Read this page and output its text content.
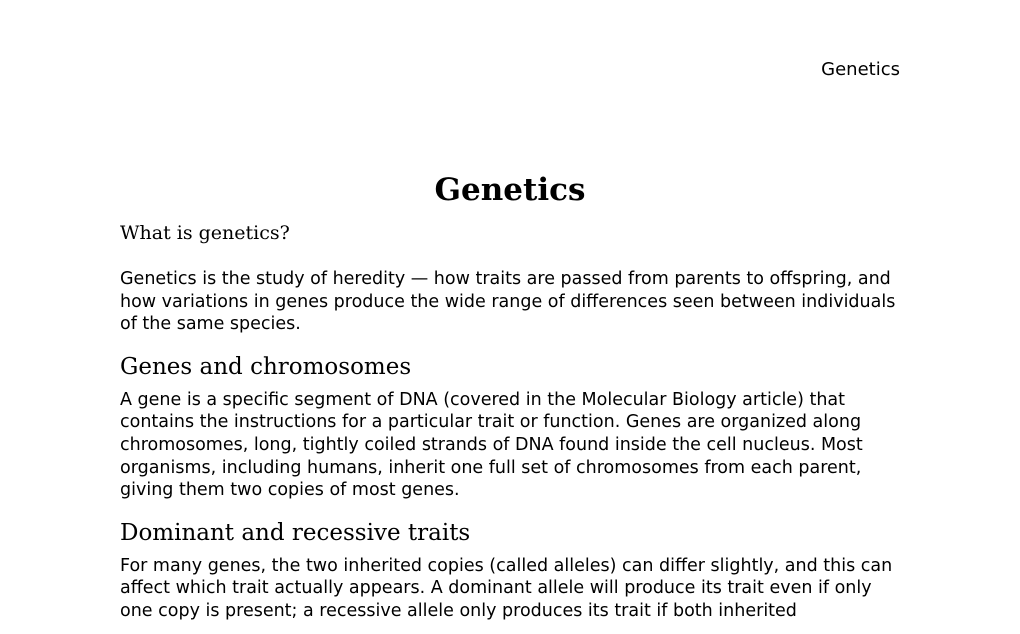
Genetics

Genetics
What is genetics?

Genetics is the study of heredity — how traits are passed from parents to offspring, and how variations in genes produce the wide range of differences seen between individuals of the same species.

Genes and chromosomes

A gene is a specific segment of DNA (covered in the Molecular Biology article) that contains the instructions for a particular trait or function. Genes are organized along chromosomes, long, tightly coiled strands of DNA found inside the cell nucleus. Most organisms, including humans, inherit one full set of chromosomes from each parent, giving them two copies of most genes.

Dominant and recessive traits

For many genes, the two inherited copies (called alleles) can differ slightly, and this can affect which trait actually appears. A dominant allele will produce its trait even if only one copy is present; a recessive allele only produces its trait if both inherited
